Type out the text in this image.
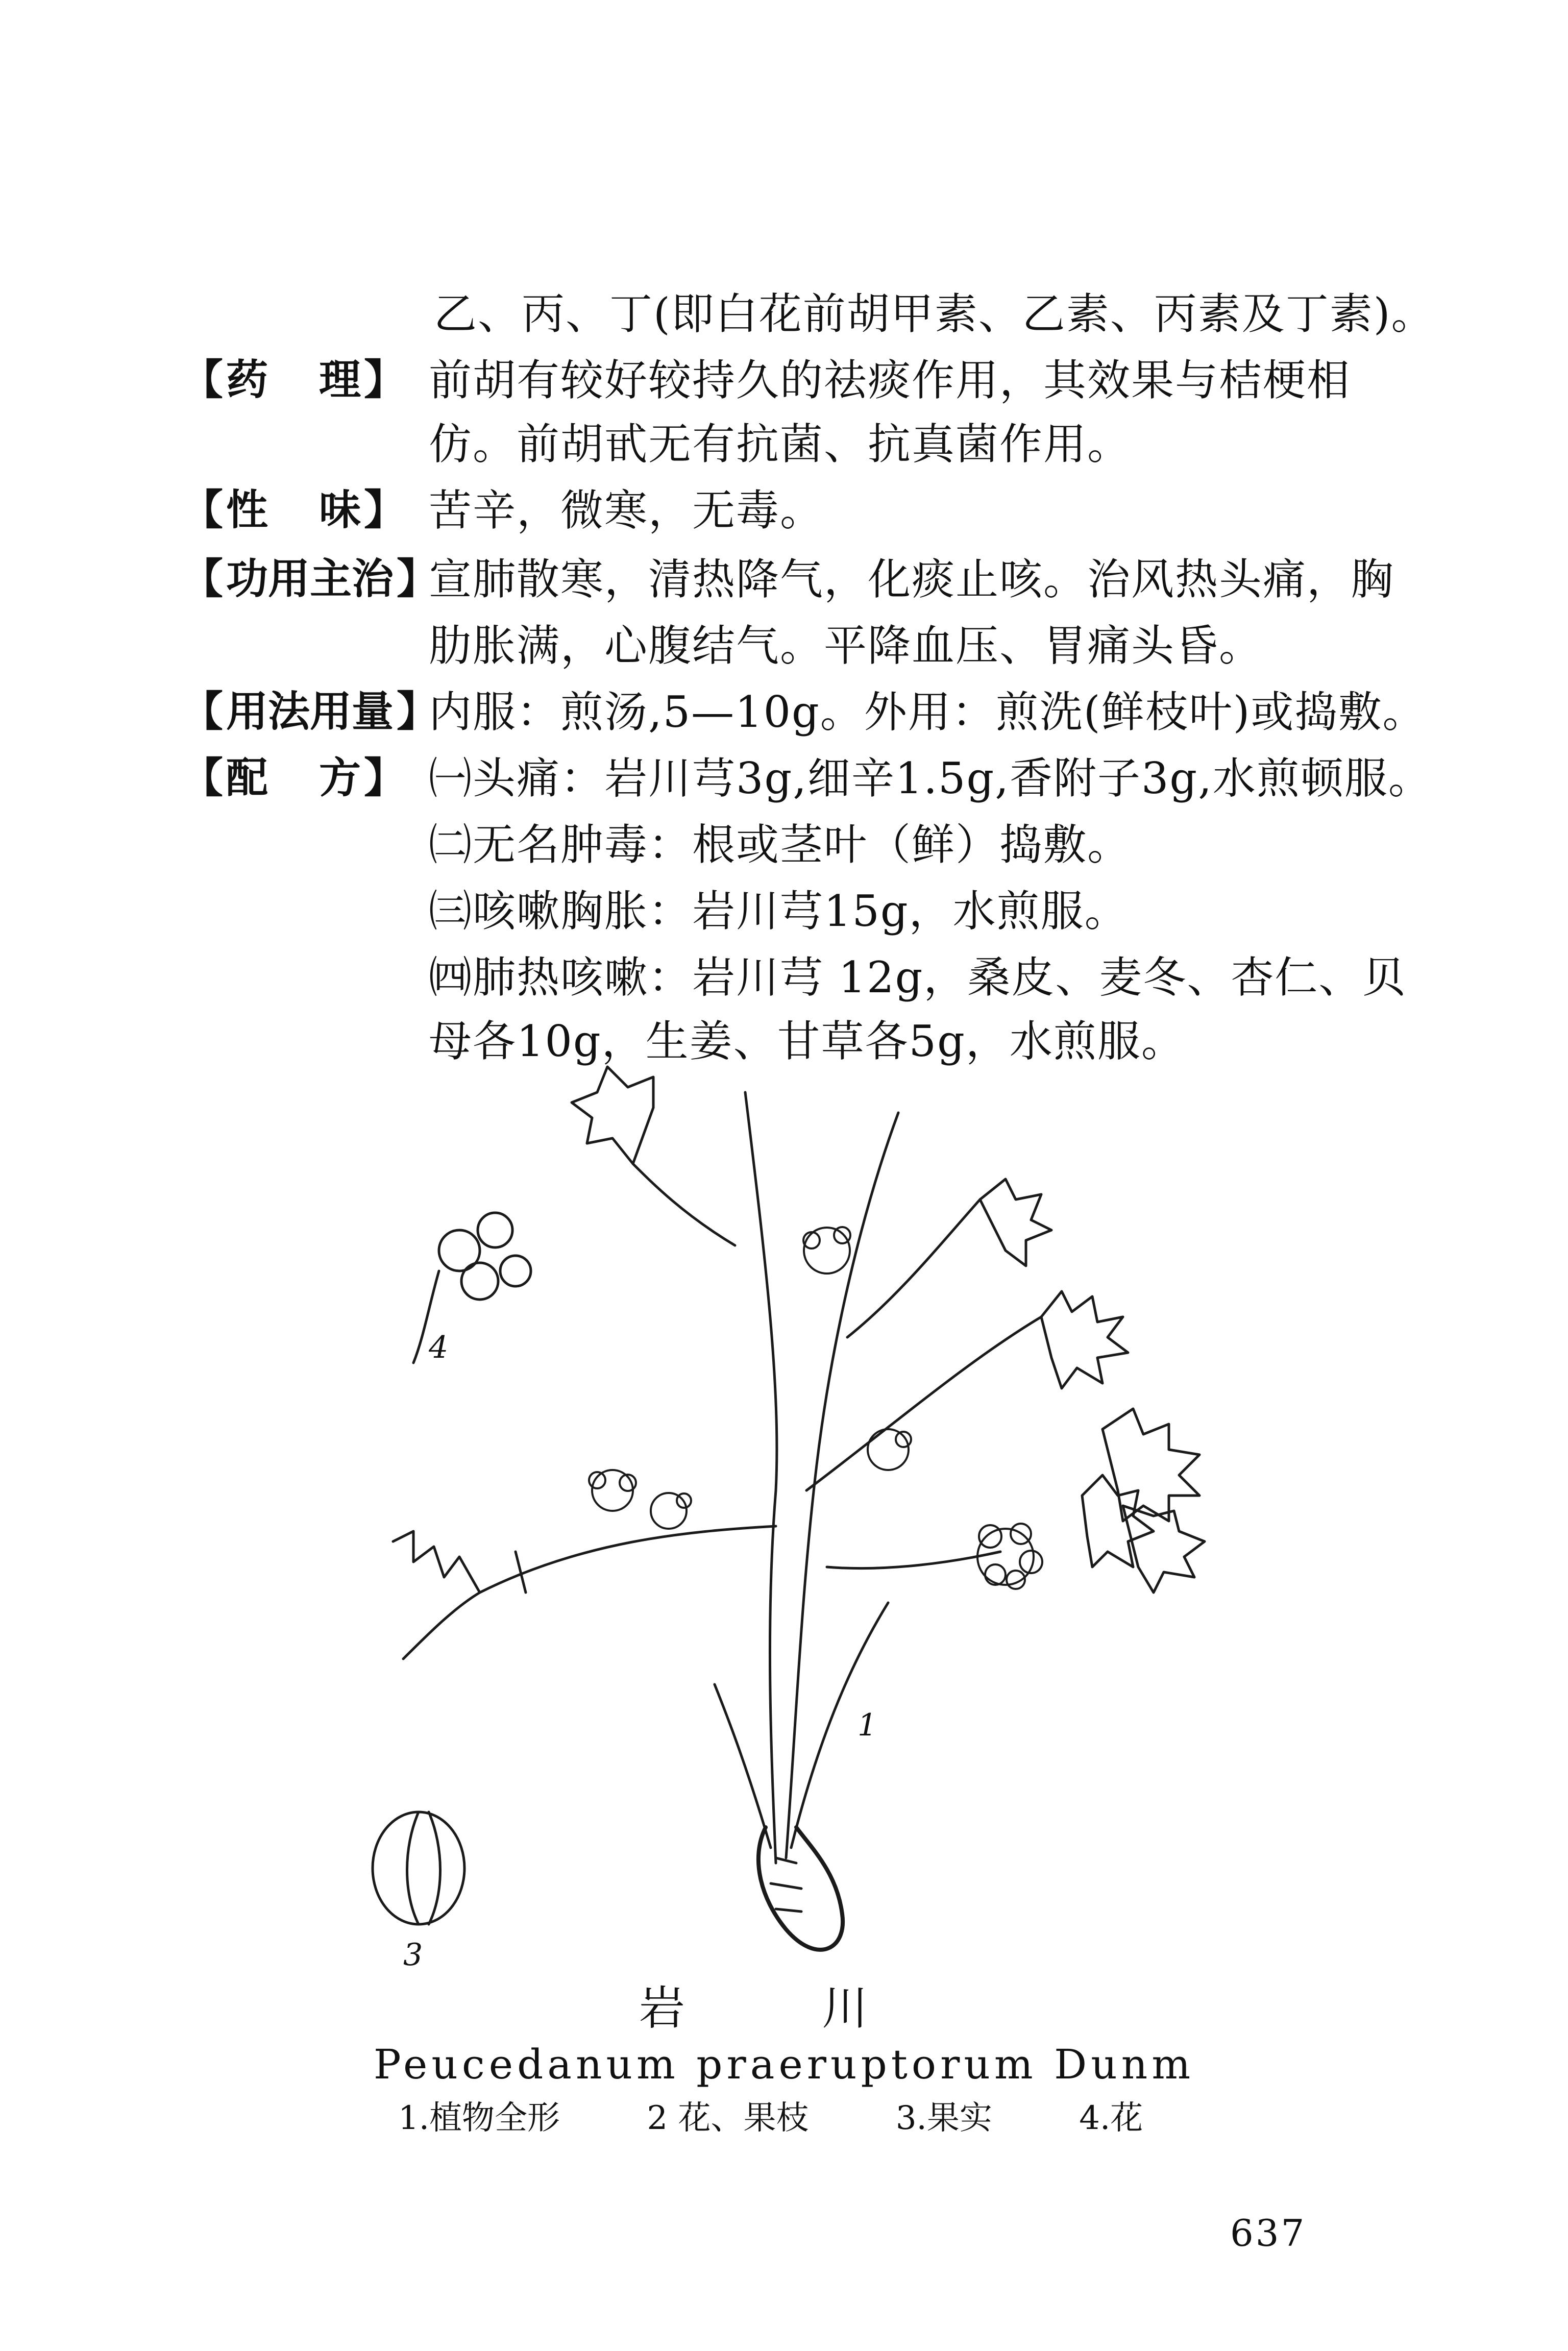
乙、丙、丁(即白花前胡甲素、乙素、丙素及丁素)。
【 药 理 】 前胡有较好较持久的祛痰作用，其效果与桔梗相
仿。前胡甙无有抗菌、抗真菌作用。
【 性 味 】 苦辛，微寒，无毒。
【 功用主治 】
宣肺散寒，清热降气，化痰止咳。治风热头痛，胸
肋胀满，心腹结气。平降血压、胃痛头昏。
【 用法用量 】
内服：煎汤,5—10g。外用：煎洗(鲜枝叶)或捣敷。
【 配 方 】 ㈠头痛：岩川芎3g,细辛1.5g,香附子3g,水煎顿服。
㈡无名肿毒：根或茎叶（鲜）捣敷。
㈢咳嗽胸胀：岩川芎15g，水煎服。
㈣肺热咳嗽：岩川芎 12g，桑皮、麦冬、杏仁、贝
母各10g，生姜、甘草各5g，水煎服。
1
3
4
岩 川
Peucedanum praeruptorum Dunm
1.植物全形	2 花、果枝	3.果实	4.花
637
